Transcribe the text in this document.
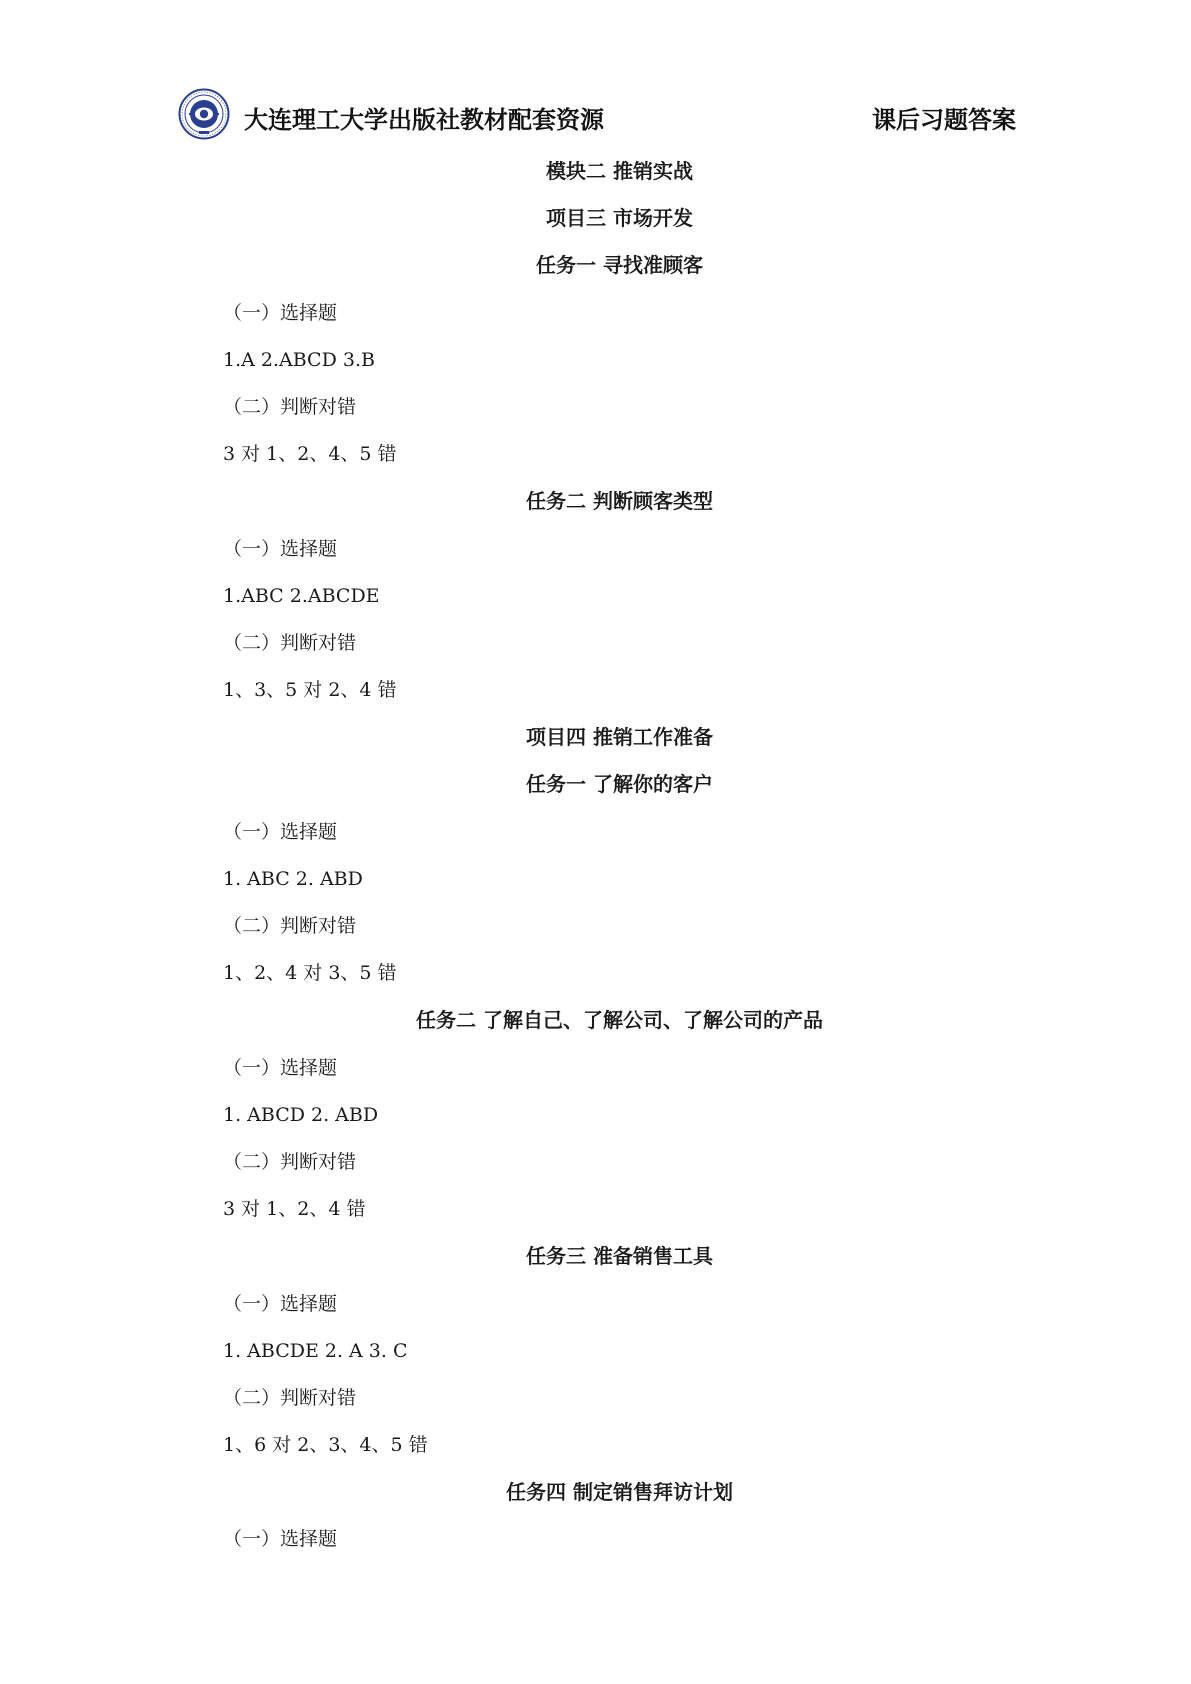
大连理工大学出版社教材配套资源	课后习题答案
模块二 推销实战
项目三 市场开发
任务一 寻找准顾客
（一）选择题
1.A 2.ABCD 3.B
（二）判断对错
3 对 1、2、4、5 错
任务二 判断顾客类型
（一）选择题
1.ABC 2.ABCDE
（二）判断对错
1、3、5 对 2、4 错
项目四 推销工作准备
任务一 了解你的客户
（一）选择题
1. ABC 2. ABD
（二）判断对错
1、2、4 对 3、5 错
任务二 了解自己、了解公司、了解公司的产品
（一）选择题
1. ABCD 2. ABD
（二）判断对错
3 对 1、2、4 错
任务三 准备销售工具
（一）选择题
1. ABCDE 2. A 3. C
（二）判断对错
1、6 对 2、3、4、5 错
任务四 制定销售拜访计划
（一）选择题
